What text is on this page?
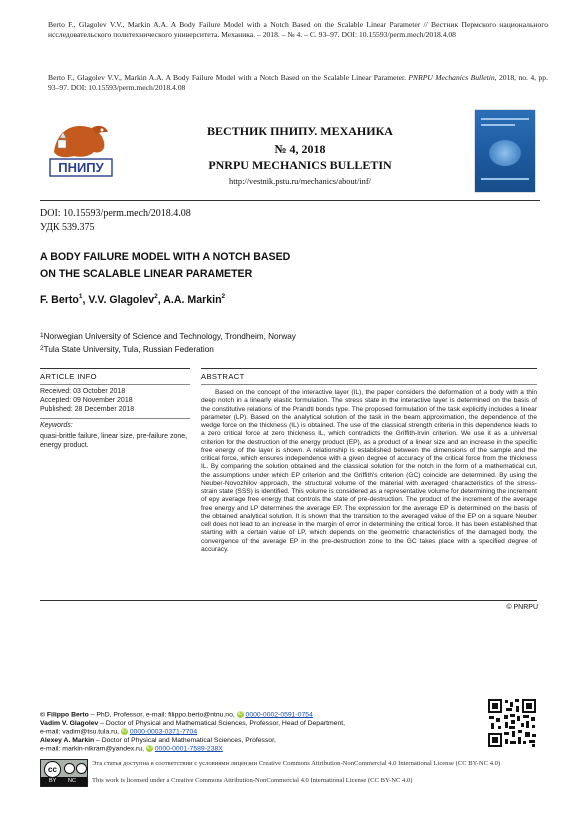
Berto F., Glagolev V.V., Markin A.A. A Body Failure Model with a Notch Based on the Scalable Linear Parameter // Вестник Пермского национального исследовательского политехнического университета. Механика. – 2018. – № 4. – С. 93–97. DOI: 10.15593/perm.mech/2018.4.08
Berto F., Glagolev V.V., Markin A.A. A Body Failure Model with a Notch Based on the Scalable Linear Parameter. PNRPU Mechanics Bulletin, 2018, no. 4, pp. 93–97. DOI: 10.15593/perm.mech/2018.4.08
ПНИПУ
ВЕСТНИК ПНИПУ. МЕХАНИКА
№ 4, 2018
PNRPU MECHANICS BULLETIN
http://vestnik.pstu.ru/mechanics/about/inf/
DOI: 10.15593/perm.mech/2018.4.08
УДК 539.375
A BODY FAILURE MODEL WITH A NOTCH BASED
ON THE SCALABLE LINEAR PARAMETER
F. Berto$^1$, V.V. Glagolev$^2$, A.A. Markin$^2$
$^1$Norwegian University of Science and Technology, Trondheim, Norway
$^2$Tula State University, Tula, Russian Federation
ARTICLE INFO
Received: 03 October 2018
Accepted: 09 November 2018
Published: 28 December 2018
Keywords:
quasi-brittle failure, linear size, pre-failure zone, energy product.
ABSTRACT
Based on the concept of the interactive layer (IL), the paper considers the deformation of a body with a thin deep notch in a linearly elastic formulation. The stress state in the interactive layer is determined on the basis of the constitutive relations of the Prandtl bonds type. The proposed formulation of the task explicitly includes a linear parameter (LP). Based on the analytical solution of the task in the beam approximation, the dependence of the wedge force on the thickness (IL) is obtained. The use of the classical strength criteria in this dependence leads to a zero critical force at zero thickness IL, which contradicts the Griffith-Irvin criterion. We use it as a universal criterion for the destruction of the energy product (EP), as a product of a linear size and an increase in the specific free energy of the layer is shown. A relationship is established between the dimensions of the sample and the critical force, which ensures independence with a given degree of accuracy of the critical force from the thickness IL. By comparing the solution obtained and the classical solution for the notch in the form of a mathematical cut, the assumptions under which EP criterion and the Griffith's criterion (GC) coincide are determined. By using the Neuber-Novozhilov approach, the structural volume of the material with averaged characteristics of the stress-strain state (SSS) is identified. This volume is considered as a representative volume for determining the increment of epy average free energy that controls the state of pre-destruction. The product of the increment of the average free energy and LP determines the average EP. The expression for the average EP is determined on the basis of the obtained analytical solution. It is shown that the transition to the averaged value of the EP on a square Neuber cell does not lead to an increase in the margin of error in determining the critical force. It has been established that starting with a certain value of LP, which depends on the geometric characteristics of the damaged body, the convergence of the average EP in the pre-destruction zone to the GC takes place with a specified degree of accuracy.
© PNRPU
© Filippo Berto – PhD, Professor, e-mail: filippo.berto@ntnu.no, iD 0000-0002-0591-0754
Vadim V. Glagolev – Doctor of Physical and Mathematical Sciences, Professor, Head of Department,
e-mail: vadim@tsu.tula.ru, iD 0000-0003-0371-7704
Alexey A. Markin – Doctor of Physical and Mathematical Sciences, Professor,
e-mail: markin-nikram@yandex.ru, iD 0000-0001-7589-238X
cc
BY NC
Эта статья доступна в соответствии с условиями лицензии Creative Commons Attribution-NonCommercial 4.0 International License (CC BY-NC 4.0)
This work is licensed under a Creative Commons Attribution-NonCommercial 4.0 International License (CC BY-NC 4.0)
